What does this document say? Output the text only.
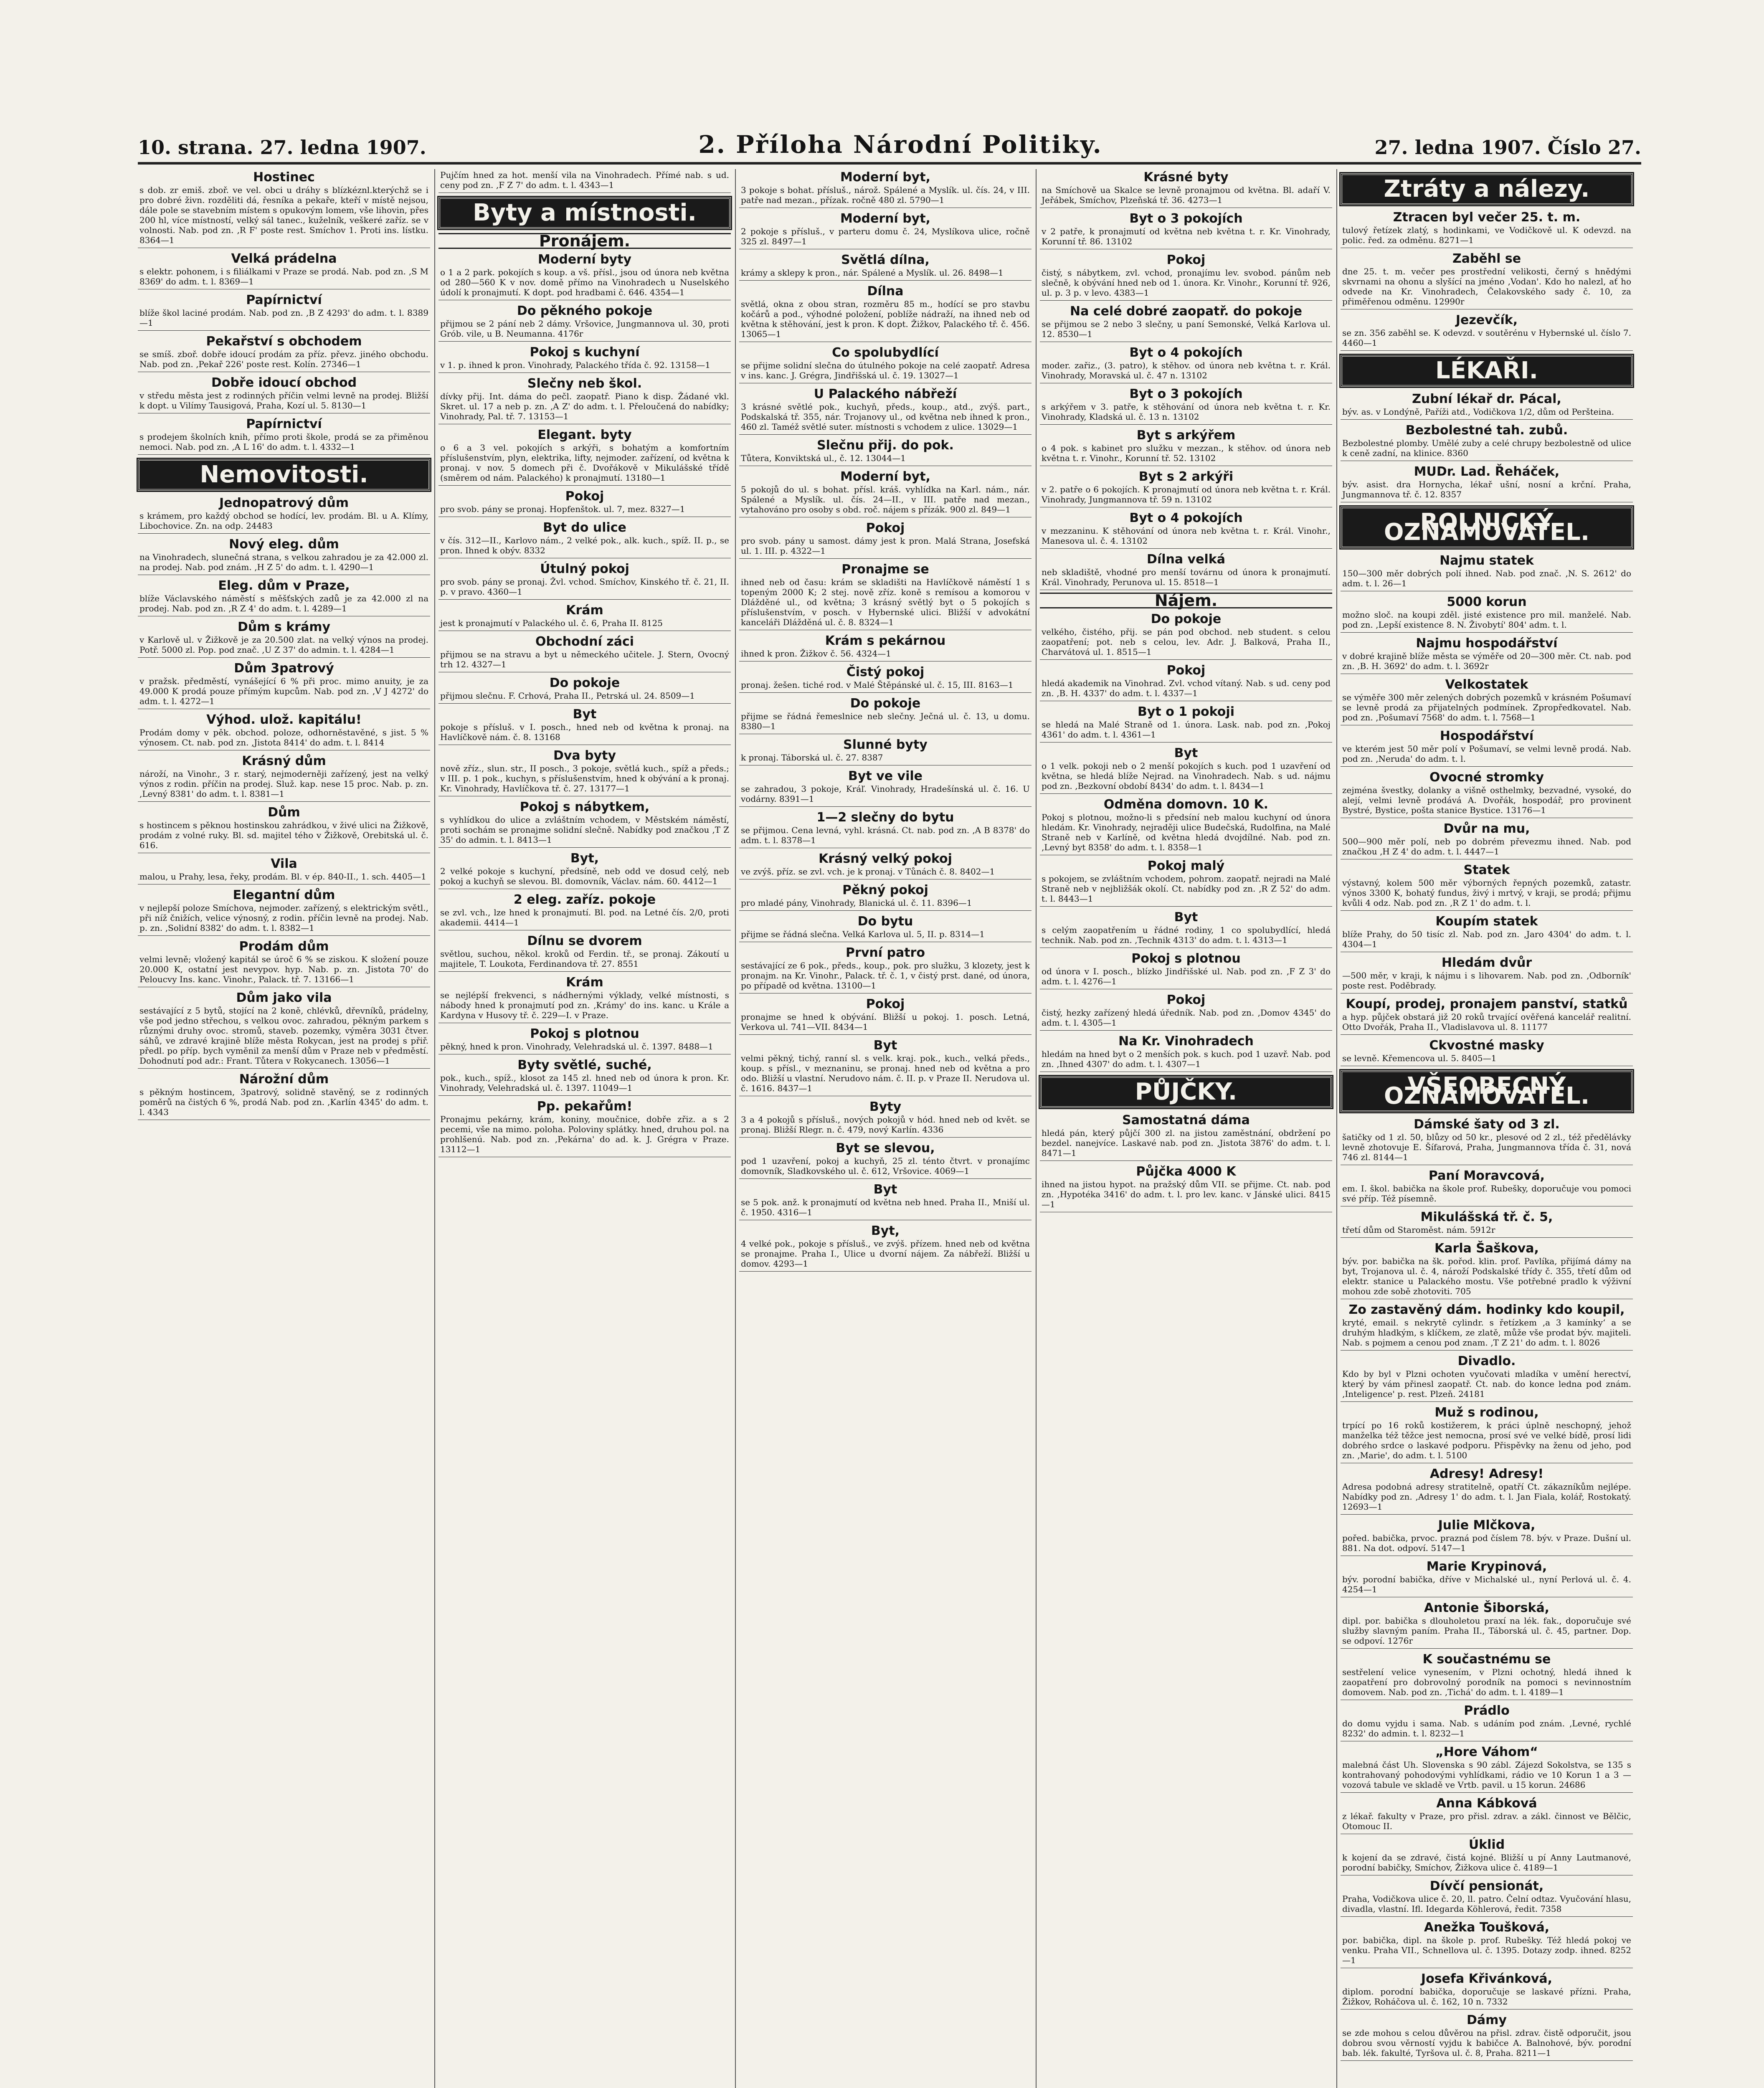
10. strana. 27. ledna 1907.	2. Příloha Národní Politiky.	27. ledna 1907. Číslo 27.
Hostinec
s dob. zr emiš. zboř. ve vel. obci u dráhy s blízkéznl.kterýchž se i pro dobré živn. rozděliti dá, řesníka a pekaře, kteří v místě nejsou, dále pole se stavebním místem s opukovým lomem, vše lihovin, přes 200 hl, více místností, velký sál tanec., kuželník, veškeré zaříz. se v volnosti. Nab. pod zn. ‚R F' poste rest. Smíchov 1. Proti ins. lístku. 8364—1
Velká prádelna
s elektr. pohonem, i s filiálkami v Praze se prodá. Nab. pod zn. ‚S M 8369' do adm. t. l. 8369—1
Papírnictví
blíže škol laciné prodám. Nab. pod zn. ‚B Z 4293' do adm. t. l. 8389—1
Pekařství s obchodem
se smíš. zboř. dobře idoucí prodám za příz. převz. jiného obchodu. Nab. pod zn. ‚Pekař 226' poste rest. Kolín. 27346—1
Dobře idoucí obchod
v středu města jest z rodinných příčin velmi levně na prodej. Bližší k dopt. u Vilímy Tausigová, Praha, Kozí ul. 5. 8130—1
Papírnictví
s prodejem školních knih, přímo proti škole, prodá se za přiměnou nemoci. Nab. pod zn. ‚A L 16' do adm. t. l. 4332—1
Nemovitosti.
Jednopatrový dům
s krámem, pro každý obchod se hodící, lev. prodám. Bl. u A. Klímy, Libochovice. Zn. na odp. 24483
Nový eleg. dům
na Vinohradech, slunečná strana, s velkou zahradou je za 42.000 zl. na prodej. Nab. pod znám. ‚H Z 5' do adm. t. l. 4290—1
Eleg. dům v Praze,
blíže Václavského náměstí s měšťských zadů je za 42.000 zl na prodej. Nab. pod zn. ‚R Z 4' do adm. t. l. 4289—1
Dům s krámy
v Karlově ul. v Žižkově je za 20.500 zlat. na velký výnos na prodej. Potř. 5000 zl. Pop. pod znač. ‚U Z 37' do admin. t. l. 4284—1
Dům 3patrový
v pražsk. předměstí, vynášející 6 % při proc. mimo anuity, je za 49.000 K prodá pouze přímým kupcům. Nab. pod zn. ‚V J 4272' do adm. t. l. 4272—1
Výhod. ulož. kapitálu!
Prodám domy v pěk. obchod. poloze, odhorněstavěné, s jist. 5 % výnosem. Ct. nab. pod zn. ‚Jistota 8414' do adm. t. l. 8414
Krásný dům
nároží, na Vinohr., 3 r. starý, nejmoderněji zařízený, jest na velký výnos z rodin. příčin na prodej. Služ. kap. nese 15 proc. Nab. p. zn. ‚Levný 8381' do adm. t. l. 8381—1
Dům
s hostincem s pěknou hostinskou zahrádkou, v živé ulici na Žižkově, prodám z volné ruky. Bl. sd. majitel tého v Žižkově, Orebitská ul. č. 616.
Vila
malou, u Prahy, lesa, řeky, prodám. Bl. v ép. 840-II., 1. sch. 4405—1
Elegantní dům
v nejlepší poloze Smíchova, nejmoder. zařízený, s elektrickým světl., při níž čnižích, velice výnosný, z rodin. příčin levně na prodej. Nab. p. zn. ‚Solidní 8382' do adm. t. l. 8382—1
Prodám dům
velmi levně; vložený kapitál se úroč 6 % se ziskou. K složení pouze 20.000 K, ostatní jest nevypov. hyp. Nab. p. zn. ‚Jistota 70' do Peloucvy Ins. kanc. Vinohr., Palack. tř. 7. 13166—1
Dům jako vila
sestávající z 5 bytů, stojící na 2 koně, chlévků, dřevníků, prádelny, vše pod jedno střechou, s velkou ovoc. zahradou, pěkným parkem s různými druhy ovoc. stromů, staveb. pozemky, výměra 3031 čtver. sáhů, ve zdravé krajině blíže města Rokycan, jest na prodej s přiř. předl. po příp. bych vyměnil za menší dům v Praze neb v předměstí. Dohodnutí pod adr.: Frant. Tůtera v Rokycanech. 13056—1
Nárožní dům
s pěkným hostincem, 3patrový, solidně stavěný, se z rodinných poměrů na čistých 6 %, prodá Nab. pod zn. ‚Karlín 4345' do adm. t. l. 4343
Pujčím hned za hot. menší vila na Vinohradech. Přímé nab. s ud. ceny pod zn. ‚F Z 7' do adm. t. l. 4343—1
Byty a místnosti.
Pronájem.
Moderní byty
o 1 a 2 park. pokojích s koup. a vš. přísl., jsou od února neb května od 280—560 K v nov. domě přímo na Vinohradech u Nuselského údolí k pronajmutí. K dopt. pod hradbami č. 646. 4354—1
Do pěkného pokoje
přijmou se 2 pání neb 2 dámy. Vršovice, Jungmannova ul. 30, proti Grób. vile, u B. Neumanna. 4176r
Pokoj s kuchyní
v 1. p. ihned k pron. Vinohrady, Palackého třída č. 92. 13158—1
Slečny neb škol.
dívky přij. Int. dáma do pečl. zaopatř. Piano k disp. Žádané vkl. Skret. ul. 17 a neb p. zn. ‚A Z' do adm. t. l. Přeloučená do nabídky; Vinohrady, Pal. tř. 7. 13153—1
Elegant. byty
o 6 a 3 vel. pokojích s arkýři, s bohatým a komfortním příslušenstvím, plyn, elektrika, lifty, nejmoder. zařízení, od května k pronaj. v nov. 5 domech při č. Dvořákově v Mikulášské třídě (směrem od nám. Palackého) k pronajmutí. 13180—1
Pokoj
pro svob. pány se pronaj. Hopfenštok. ul. 7, mez. 8327—1
Byt do ulice
v čís. 312—II., Karlovo nám., 2 velké pok., alk. kuch., spíž. II. p., se pron. Ihned k obýv. 8332
Útulný pokoj
pro svob. pány se pronaj. Žvl. vchod. Smíchov, Kinského tř. č. 21, II. p. v pravo. 4360—1
Krám
jest k pronajmutí v Palackého ul. č. 6, Praha II. 8125
Obchodní záci
přijmou se na stravu a byt u německého učitele. J. Stern, Ovocný trh 12. 4327—1
Do pokoje
přijmou slečnu. F. Crhová, Praha II., Petrská ul. 24. 8509—1
Byt
pokoje s přísluš. v I. posch., hned neb od května k pronaj. na Havlíčkově nám. č. 8. 13168
Dva byty
nově zříz., slun. str., II posch., 3 pokoje, světlá kuch., spíž a předs.; v III. p. 1 pok., kuchyn, s příslušenstvím, hned k obývání a k pronaj. Kr. Vinohrady, Havlíčkova tř. č. 27. 13177—1
Pokoj s nábytkem,
s vyhlídkou do ulice a zvláštním vchodem, v Městském náměstí, proti sochám se pronajme solidní slečně. Nabídky pod značkou ‚T Z 35' do admin. t. l. 8413—1
Byt,
2 velké pokoje s kuchyní, předsíně, neb odd ve dosud celý, neb pokoj a kuchyň se slevou. Bl. domovník, Václav. nám. 60. 4412—1
2 eleg. zaříz. pokoje
se zvl. vch., lze hned k pronajmutí. Bl. pod. na Letné čís. 2/0, proti akademii. 4414—1
Dílnu se dvorem
světlou, suchou, někol. kroků od Ferdin. tř., se pronaj. Zákoutí u majitele, T. Loukota, Ferdinandova tř. 27. 8551
Krám
se nejlépší frekvenci, s nádhernými výklady, velké místnosti, s nábody hned k pronajmutí pod zn. ‚Krámy' do ins. kanc. u Krále a Kardyna v Husovy tř. č. 229—I. v Praze.
Pokoj s plotnou
pěkný, hned k pron. Vinohrady, Velehradská ul. č. 1397. 8488—1
Byty světlé, suché,
pok., kuch., spíž., klosot za 145 zl. hned neb od února k pron. Kr. Vinohrady, Velehradská ul. č. 1397. 11049—1
Pp. pekařům!
Pronajmu pekárny, krám, koniny, moučnice, dobře zřiz. a s 2 pecemi, vše na mimo. poloha. Poloviny splátky. hned, druhou pol. na prohlšenú. Nab. pod zn. ‚Pekárna' do ad. k. J. Grégra v Praze. 13112—1
Moderní byt,
3 pokoje s bohat. přísluš., nárož. Spálené a Myslík. ul. čís. 24, v III. patře nad mezan., přízak. ročně 480 zl. 5790—1
Moderní byt,
2 pokoje s přísluš., v parteru domu č. 24, Myslíkova ulice, ročně 325 zl. 8497—1
Světlá dílna,
krámy a sklepy k pron., nár. Spálené a Myslík. ul. 26. 8498—1
Dílna
světlá, okna z obou stran, rozměru 85 m., hodící se pro stavbu kočárů a pod., výhodné položení, poblíže nádraží, na ihned neb od května k stěhování, jest k pron. K dopt. Žižkov, Palackého tř. č. 456. 13065—1
Co spolubydlící
se přijme solidní slečna do útulného pokoje na celé zaopatř. Adresa v ins. kanc. J. Grégra, Jindřišská ul. č. 19. 13027—1
U Palackého nábřeží
3 krásné světlé pok., kuchyň, předs., koup., atd., zvýš. part., Podskalská tř. 355, nár. Trojanovy ul., od května neb ihned k pron., 460 zl. Taméž světlé suter. místnosti s vchodem z ulice. 13029—1
Slečnu přij. do pok.
Tůtera, Konviktská ul., č. 12. 13044—1
Moderní byt,
5 pokojů do ul. s bohat. přísl. kráš. vyhlídka na Karl. nám., nár. Spálené a Myslík. ul. čís. 24—II., v III. patře nad mezan., vytahováno pro osoby s obd. roč. nájem s přízák. 900 zl. 849—1
Pokoj
pro svob. pány u samost. dámy jest k pron. Malá Strana, Josefská ul. 1. III. p. 4322—1
Pronajme se
ihned neb od času: krám se skladišti na Havlíčkově náměstí 1 s topeným 2000 K; 2 stej. nově zříz. koně s remísou a komorou v Dlážděné ul., od května; 3 krásný světlý byt o 5 pokojích s příslušenstvím, v posch. v Hybernské ulici. Bližší v advokátní kanceláři Dlážděná ul. č. 8. 8324—1
Krám s pekárnou
ihned k pron. Žižkov č. 56. 4324—1
Čistý pokoj
pronaj. žešen. tiché rod. v Malé Štěpánské ul. č. 15, III. 8163—1
Do pokoje
přijme se řádná řemeslnice neb slečny. Ječná ul. č. 13, u domu. 8380—1
Slunné byty
k pronaj. Táborská ul. č. 27. 8387
Byt ve vile
se zahradou, 3 pokoje, Kráľ. Vinohrady, Hradešínská ul. č. 16. U vodárny. 8391—1
1—2 slečny do bytu
se přijmou. Cena levná, vyhl. krásná. Ct. nab. pod zn. ‚A B 8378' do adm. t. l. 8378—1
Krásný velký pokoj
ve zvýš. příz. se zvl. vch. je k pronaj. v Tůnách č. 8. 8402—1
Pěkný pokoj
pro mladé pány, Vinohrady, Blanická ul. č. 11. 8396—1
Do bytu
přijme se řádná slečna. Velká Karlova ul. 5, II. p. 8314—1
První patro
sestávající ze 6 pok., předs., koup., pok. pro služku, 3 klozety, jest k pronajm. na Kr. Vinohr., Palack. tř. č. 1, v čistý prst. dané, od února, po případě od května. 13100—1
Pokoj
pronajme se hned k obývání. Bližší u pokoj. 1. posch. Letná, Verkova ul. 741—VII. 8434—1
Byt
velmi pěkný, tichý, ranní sl. s velk. kraj. pok., kuch., velká předs., koup. s přísl., v meznaninu, se pronaj. hned neb od května a pro odo. Bližší u vlastní. Nerudovo nám. č. II. p. v Praze II. Nerudova ul. č. 1616. 8437—1
Byty
3 a 4 pokojů s přísluš., nových pokojů v hód. hned neb od květ. se pronaj. Bližší Rlegr. n. č. 479, nový Karlín. 4336
Byt se slevou,
pod 1 uzavření, pokoj a kuchyň, 25 zl. ténto čtvrt. v pronajímc domovník, Sladkovského ul. č. 612, Vršovice. 4069—1
Byt
se 5 pok. anž. k pronajmutí od května neb hned. Praha II., Mniší ul. č. 1950. 4316—1
Byt,
4 velké pok., pokoje s přísluš., ve zvýš. přízem. hned neb od května se pronajme. Praha I., Ulice u dvorní nájem. Za nábřeží. Bližší u domov. 4293—1
Krásné byty
na Smíchově ua Skalce se levně pronajmou od května. Bl. adaří V. Jeřábek, Smíchov, Plzeňská tř. 36. 4273—1
Byt o 3 pokojích
v 2 patře, k pronajmutí od května neb května t. r. Kr. Vinohrady, Korunní tř. 86. 13102
Pokoj
čistý, s nábytkem, zvl. vchod, pronajímu lev. svobod. pánům neb slečně, k obývání hned neb od 1. února. Kr. Vinohr., Korunní tř. 926, ul. p. 3 p. v levo. 4383—1
Na celé dobré zaopatř. do pokoje
se přijmou se 2 nebo 3 slečny, u paní Semonské, Velká Karlova ul. 12. 8530—1
Byt o 4 pokojích
moder. zařiz., (3. patro), k stěhov. od února neb května t. r. Král. Vinohrady, Moravská ul. č. 47 n. 13102
Byt o 3 pokojích
s arkýřem v 3. patře, k stěhování od února neb května t. r. Kr. Vinohrady, Kladská ul. č. 13 n. 13102
Byt s arkýřem
o 4 pok. s kabinet pro služku v mezzan., k stěhov. od února neb května t. r. Vinohr., Korunní tř. 52. 13102
Byt s 2 arkýři
v 2. patře o 6 pokojích. K pronajmutí od února neb května t. r. Král. Vinohrady, Jungmannova tř. 59 n. 13102
Byt o 4 pokojích
v mezzaninu. K stěhování od února neb května t. r. Král. Vinohr., Manesova ul. č. 4. 13102
Dílna velká
neb skladiště, vhodné pro menší továrnu od února k pronajmutí. Král. Vinohrady, Perunova ul. 15. 8518—1
Nájem.
Do pokoje
velkého, čistého, přij. se pán pod obchod. neb student. s celou zaopatření; pot. neb s celou, lev. Adr. J. Balková, Praha II., Charvátová ul. 1. 8515—1
Pokoj
hledá akademik na Vinohrad. Zvl. vchod vítaný. Nab. s ud. ceny pod zn. ‚B. H. 4337' do adm. t. l. 4337—1
Byt o 1 pokoji
se hledá na Malé Straně od 1. února. Lask. nab. pod zn. ‚Pokoj 4361' do adm. t. l. 4361—1
Byt
o 1 velk. pokoji neb o 2 menší pokojích s kuch. pod 1 uzavření od května, se hledá blíže Nejrad. na Vinohradech. Nab. s ud. nájmu pod zn. ‚Bezkovní období 8434' do adm. t. l. 8434—1
Odměna domovn. 10 K.
Pokoj s plotnou, možno-li s předsíní neb malou kuchyní od února hledám. Kr. Vinohrady, nejraději ulice Budečská, Rudolfina, na Malé Straně neb v Karlíně, od května hledá dvojdílné. Nab. pod zn. ‚Levný byt 8358' do adm. t. l. 8358—1
Pokoj malý
s pokojem, se zvláštním vchodem, pohrom. zaopatř. nejradi na Malé Straně neb v nejbližšák okolí. Ct. nabídky pod zn. ‚R Z 52' do adm. t. l. 8443—1
Byt
s celým zaopatřením u řádné rodiny, 1 co spolubydlící, hledá technik. Nab. pod zn. ‚Technik 4313' do adm. t. l. 4313—1
Pokoj s plotnou
od února v I. posch., blízko Jindřišské ul. Nab. pod zn. ‚F Z 3' do adm. t. l. 4276—1
Pokoj
čistý, hezky zařízený hledá úředník. Nab. pod zn. ‚Domov 4345' do adm. t. l. 4305—1
Na Kr. Vinohradech
hledám na hned byt o 2 menších pok. s kuch. pod 1 uzavř. Nab. pod zn. ‚Ihned 4307' do adm. t. l. 4307—1
PŮJČKY.
Samostatná dáma
hledá pán, který půjčí 300 zl. na jistou zaměstnání, obdržení po bezdel. nanejvíce. Laskavé nab. pod zn. ‚Jistota 3876' do adm. t. l. 8471—1
Půjčka 4000 K
ihned na jistou hypot. na pražský dům VII. se přijme. Ct. nab. pod zn. ‚Hypotéka 3416' do adm. t. l. pro lev. kanc. v Jánské ulici. 8415—1
Ztráty a nálezy.
Ztracen byl večer 25. t. m.
tulový řetízek zlatý, s hodinkami, ve Vodičkově ul. K odevzd. na polic. řed. za odměnu. 8271—1
Zaběhl se
dne 25. t. m. večer pes prostřední velikosti, černý s hnědými skvrnami na ohonu a slyšící na jméno ‚Vodan'. Kdo ho nalezl, ať ho odvede na Kr. Vinohradech, Čelakovského sady č. 10, za přiměřenou odměnu. 12990r
Jezevčík,
se zn. 356 zaběhl se. K odevzd. v soutěrénu v Hybernské ul. číslo 7. 4460—1
LÉKAŘI.
Zubní lékař dr. Pácal,
býv. as. v Londýně, Paříži atd., Vodičkova 1/2, dům od Peršteina.
Bezbolestné tah. zubů.
Bezbolestné plomby. Umělé zuby a celé chrupy bezbolestně od ulice k ceně zadní, na klinice. 8360
MUDr. Lad. Řeháček,
býv. asist. dra Hornycha, lékař ušní, nosní a krční. Praha, Jungmannova tř. č. 12. 8357
ROLNICKÝ OZNAMOVATEL.
Najmu statek
150—300 měr dobrých polí ihned. Nab. pod znač. ‚N. S. 2612' do adm. t. l. 26—1
5000 korun
možno sloč. na koupi zděl. jisté existence pro mil. manželé. Nab. pod zn. ‚Lepší existence 8. N. Živobytí' 804' adm. t. l.
Najmu hospodářství
v dobré krajině blíže města se výměře od 20—300 měr. Ct. nab. pod zn. ‚B. H. 3692' do adm. t. l. 3692r
Velkostatek
se výměře 300 měr zelených dobrých pozemků v krásném Pošumaví se levně prodá za přijatelných podmínek. Zpropředkovatel. Nab. pod zn. ‚Pošumaví 7568' do adm. t. l. 7568—1
Hospodářství
ve kterém jest 50 měr polí v Pošumaví, se velmi levně prodá. Nab. pod zn. ‚Neruda' do adm. t. l.
Ovocné stromky
zejména švestky, dolanky a višně osthelmky, bezvadné, vysoké, do alejí, velmi levně prodává A. Dvořák, hospodář, pro provinent Bystré, Bystice, pošta stanice Bystice. 13176—1
Dvůr na mu,
500—900 měr polí, neb po dobrém převezmu ihned. Nab. pod značkou ‚H Z 4' do adm. t. l. 4447—1
Statek
výstavný, kolem 500 měr výborných řepných pozemků, zatastr. výnos 3300 K, bohatý fundus, živý i mrtvý, v kraji, se prodá; přijmu kvůli 4 odz. Nab. pod zn. ‚R Z 1' do adm. t. l.
Koupím statek
blíže Prahy, do 50 tisíc zl. Nab. pod zn. ‚Jaro 4304' do adm. t. l. 4304—1
Hledám dvůr
—500 měr, v kraji, k nájmu i s lihovarem. Nab. pod zn. ‚Odborník' poste rest. Poděbrady.
Koupí, prodej, pronajem panství, statků
a hyp. půjček obstará již 20 roků trvající ověřená kancelář realitní. Otto Dvořák, Praha II., Vladislavova ul. 8. 11177
Ckvostné masky
se levně. Křemencova ul. 5. 8405—1
VŠEOBECNÝ OZNAMOVATEL.
Dámské šaty od 3 zl.
šatičky od 1 zl. 50, blůzy od 50 kr., plesové od 2 zl., též předělávky levně zhotovuje E. Šífarová, Praha, Jungmannova třída č. 31, nová 746 zl. 8144—1
Paní Moravcová,
em. I. škol. babička na škole prof. Rubešky, doporučuje vou pomoci své příp. Též písemně.
Mikulášská tř. č. 5,
třetí dům od Staroměst. nám. 5912r
Karla Šaškova,
býv. por. babička na šk. pořod. klin. prof. Pavlíka, přijímá dámy na byt, Trojanova ul. č. 4, nároží Podskalské třídy č. 355, třetí dům od elektr. stanice u Palackého mostu. Vše potřebné pradlo k výživní mohou zde sobě zhotoviti. 705
Zo zastavěný dám. hodinky kdo koupil,
kryté, email. s nekrytě cylindr. s řetízkem ‚a 3 kamínky‘ a se druhým hladkým, s klíčkem, ze zlatě, může vše prodat býv. majiteli. Nab. s pojmem a cenou pod znam. ‚T Z 21' do adm. t. l. 8026
Divadlo.
Kdo by byl v Plzni ochoten vyučovati mladíka v umění herectví, který by vám přinesl zaopatř. Ct. nab. do konce ledna pod znám. ‚Inteligence' p. rest. Plzeň. 24181
Muž s rodinou,
trpící po 16 roků kostižerem, k práci úplně neschopný, jehož manželka též těžce jest nemocna, prosí své ve velké bídě, prosí lidi dobrého srdce o laskavé podporu. Přispěvky na ženu od jeho, pod zn. ‚Marie', do adm. t. l. 5100
Adresy! Adresy!
Adresa podobná adresy stratitelně, opatří Ct. zákazníkům nejlépe. Nabídky pod zn. ‚Adresy 1' do adm. t. l. Jan Fiala, kolář, Rostokatý. 12693—1
Julie Mlčkova,
pořed. babička, prvoc. prazná pod číslem 78. býv. v Praze. Dušní ul. 881. Na dot. odpoví. 5147—1
Marie Krypinová,
býv. porodní babička, dříve v Michalské ul., nyní Perlová ul. č. 4. 4254—1
Antonie Šiborská,
dipl. por. babička s dlouholetou praxí na lék. fak., doporučuje své služby slavným paním. Praha II., Táborská ul. č. 45, partner. Dop. se odpoví. 1276r
K součastnému se
sestřelení velice vynesením, v Plzni ochotný, hledá ihned k zaopatření pro dobrovolný porodník na pomoci s nevinnostním domovem. Nab. pod zn. ‚Tichá' do adm. t. l. 4189—1
Prádlo
do domu vyjdu i sama. Nab. s udáním pod znám. ‚Levné, rychlé 8232' do admin. t. l. 8232—1
„Hore Váhom“
malebná část Uh. Slovenska s 90 zábl. Zájezd Sokolstva, se 135 s kontrahovaný pohodovými vyhlídkami, rádio ve 10 Korun 1 a 3 — vozová tabule ve skladě ve Vrtb. pavil. u 15 korun. 24686
Anna Kábková
z lékař. fakulty v Praze, pro přisl. zdrav. a zákl. činnost ve Bělčic, Otomouc II.
Úklid
k kojení da se zdravé, čistá kojné. Bližší u pí Anny Lautmanové, porodní babičky, Smíchov, Žižkova ulice č. 4189—1
Dívčí pensionát,
Praha, Vodičkova ulice č. 20, ll. patro. Čelní odtaz. Vyučování hlasu, divadla, vlastní. Ifl. Idegarda Köhlerová, ředit. 7358
Anežka Toušková,
por. babička, dipl. na škole p. prof. Rubešky. Též hledá pokoj ve venku. Praha VII., Schnellova ul. č. 1395. Dotazy zodp. ihned. 8252—1
Josefa Křivánková,
diplom. porodní babička, doporučuje se laskavé přízni. Praha, Žižkov, Roháčova ul. č. 162, 10 n. 7332
Dámy
se zde mohou s celou důvěrou na přisl. zdrav. čistě odporučit, jsou dobrou svou věrností vyjdu k babičce A. Balnohové, býv. porodní bab. lék. fakulté, Tyršova ul. č. 8, Praha. 8211—1
